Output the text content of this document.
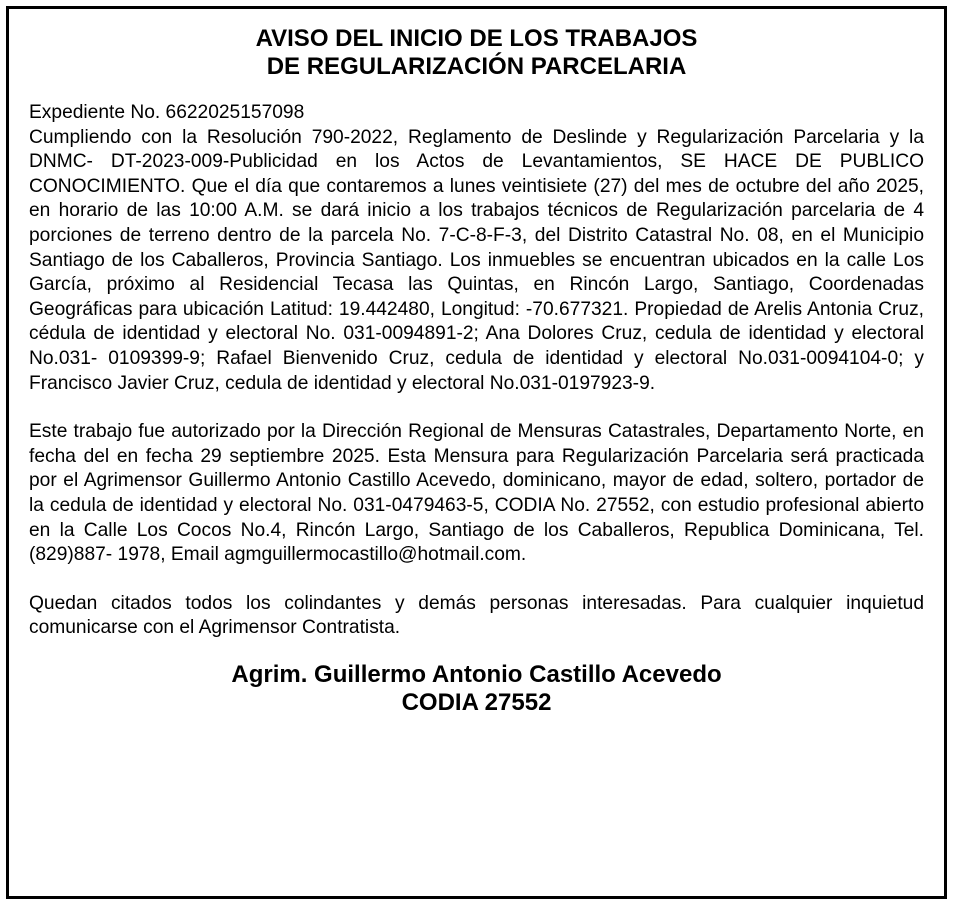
AVISO DEL INICIO DE LOS TRABAJOS
DE REGULARIZACIÓN PARCELARIA

Expediente No. 6622025157098

Cumpliendo con la Resolución 790-2022, Reglamento de Deslinde y Regularización Parcelaria y la DNMC- DT-2023-009-Publicidad en los Actos de Levantamientos, SE HACE DE PUBLICO CONOCIMIENTO. Que el día que contaremos a lunes veintisiete (27) del mes de octubre del año 2025, en horario de las 10:00 A.M. se dará inicio a los trabajos técnicos de Regularización parcelaria de 4 porciones de terreno dentro de la parcela No. 7-C-8-F-3, del Distrito Catastral No. 08, en el Municipio Santiago de los Caballeros, Provincia Santiago. Los inmuebles se encuentran ubicados en la calle Los García, próximo al Residencial Tecasa las Quintas, en Rincón Largo, Santiago, Coordenadas Geográficas para ubicación Latitud: 19.442480, Longitud: -70.677321. Propiedad de Arelis Antonia Cruz, cédula de identidad y electoral No. 031-0094891-2; Ana Dolores Cruz, cedula de identidad y electoral No.031- 0109399-9; Rafael Bienvenido Cruz, cedula de identidad y electoral No.031-0094104-0; y Francisco Javier Cruz, cedula de identidad y electoral No.031-0197923-9.

Este trabajo fue autorizado por la Dirección Regional de Mensuras Catastrales, Departamento Norte, en fecha del en fecha 29 septiembre 2025. Esta Mensura para Regularización Parcelaria será practicada por el Agrimensor Guillermo Antonio Castillo Acevedo, dominicano, mayor de edad, soltero, portador de la cedula de identidad y electoral No. 031-0479463-5, CODIA No. 27552, con estudio profesional abierto en la Calle Los Cocos No.4, Rincón Largo, Santiago de los Caballeros, Republica Dominicana, Tel. (829)887- 1978, Email agmguillermocastillo@hotmail.com.

Quedan citados todos los colindantes y demás personas interesadas. Para cualquier inquietud comunicarse con el Agrimensor Contratista.

Agrim. Guillermo Antonio Castillo Acevedo
CODIA 27552
